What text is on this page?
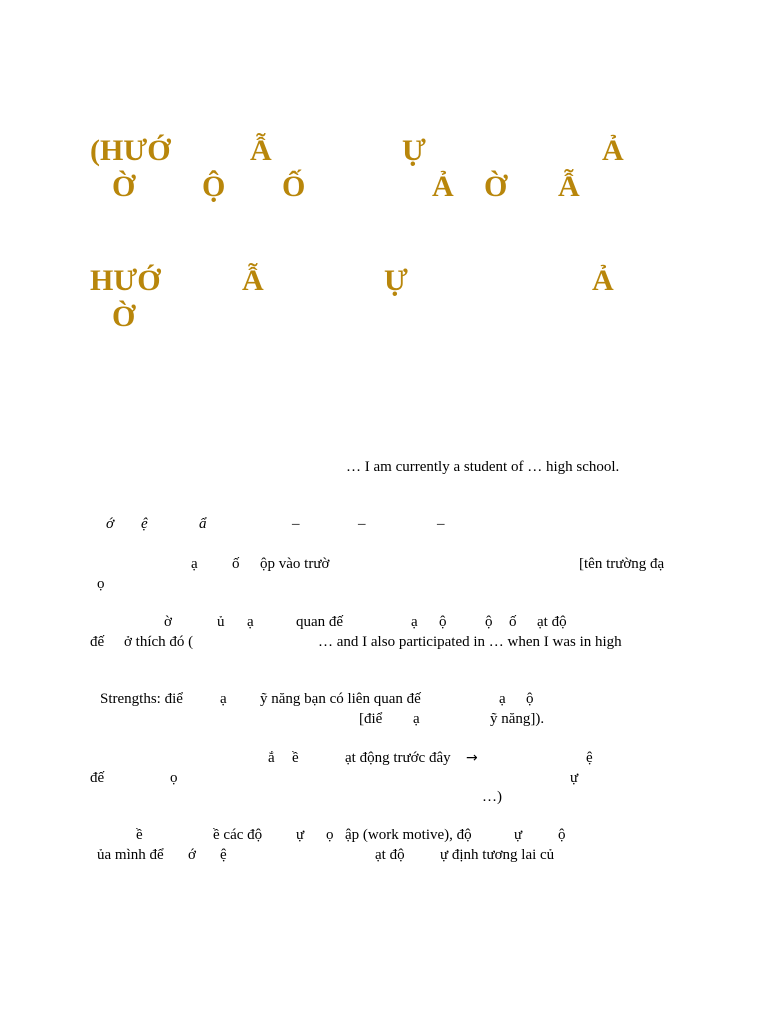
(HƯỚ	Ẫ	Ự	Ả
Ờ Ộ Ố	Ả Ờ Ẫ
HƯỚ	Ẫ	Ự	Ả
Ờ
… I am currently a student of … high school.
ớ ệ	ẩ	–	–	–
ạ ố ộp vào trườ	[tên trường đạ
ọ
ờ	ủ ạ	quan đế	ạ ộ	ộ ố ạt độ
đế ở thích đó (	… and I also participated in … when I was in high
Strengths: điể ạ ỹ năng bạn có liên quan đế	ạ ộ
[điể ạ	ỹ năng]).
ắ ề	ạt động trước đây →	ệ
đế	ọ	ự
…)
ề	ề các độ ự ọ ập (work motive), độ	ự ộ
ủa mình để ớ ệ	ạt độ ự định tương lai củ
